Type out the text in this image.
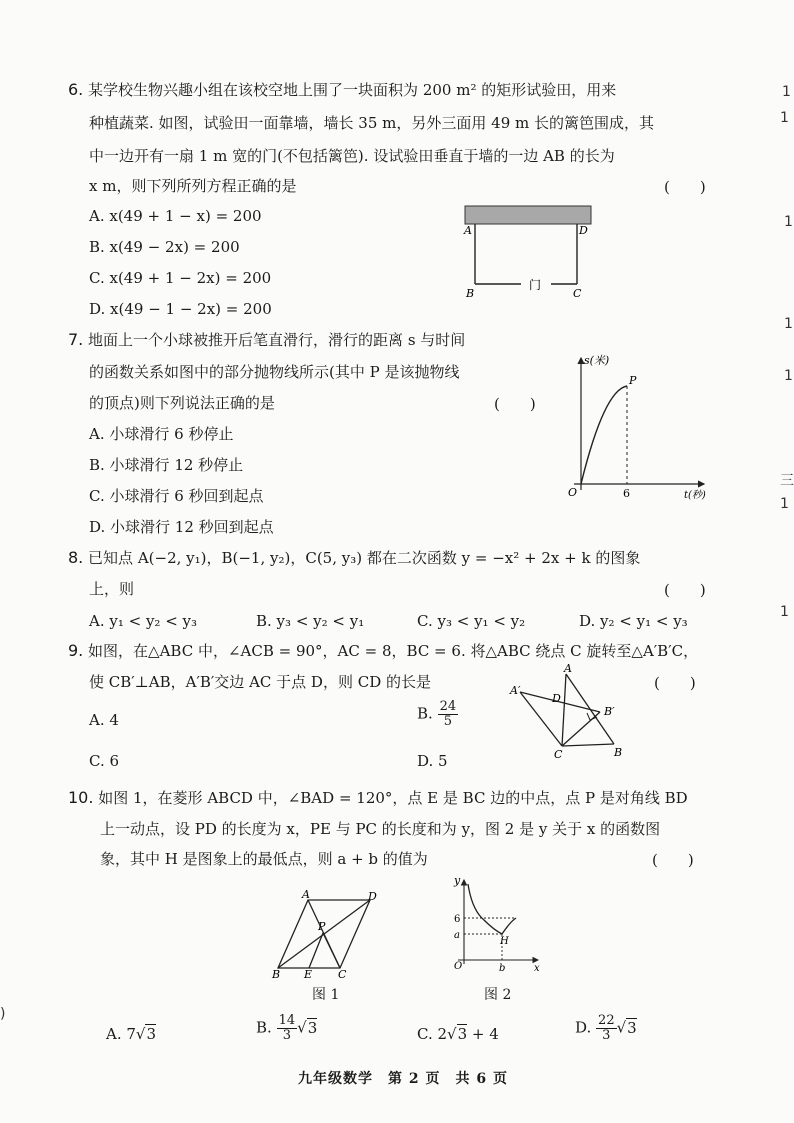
1
1
1
1
1
三
1
1
)
6. 某学校生物兴趣小组在该校空地上围了一块面积为 200 m² 的矩形试验田，用来
种植蔬菜. 如图，试验田一面靠墙，墙长 35 m，另外三面用 49 m 长的篱笆围成，其
中一边开有一扇 1 m 宽的门(不包括篱笆). 设试验田垂直于墙的一边 AB 的长为
x m，则下列所列方程正确的是	(　　)
A. x(49 + 1 − x) = 200
B. x(49 − 2x) = 200
C. x(49 + 1 − 2x) = 200
D. x(49 − 1 − 2x) = 200
A	D
B	C
门
7. 地面上一个小球被推开后笔直滑行，滑行的距离 s 与时间
的函数关系如图中的部分抛物线所示(其中 P 是该抛物线
的顶点)则下列说法正确的是	(　　)
A. 小球滑行 6 秒停止
B. 小球滑行 12 秒停止
C. 小球滑行 6 秒回到起点
D. 小球滑行 12 秒回到起点
s(米)
t(秒)
P
O	6
8. 已知点 A(−2, y₁)，B(−1, y₂)，C(5, y₃) 都在二次函数 y = −x² + 2x + k 的图象
上，则	(　　)
A. y₁ < y₂ < y₃	B. y₃ < y₂ < y₁	C. y₃ < y₁ < y₂	D. y₂ < y₁ < y₃
9. 如图，在△ABC 中，∠ACB = 90°，AC = 8，BC = 6. 将△ABC 绕点 C 旋转至△A′B′C，
使 CB′⊥AB，A′B′交边 AC 于点 D，则 CD 的长是	(　　)
A. 4	B. $\frac{24}{5}$
C. 6	D. 5
A
A′
D
B′
C	B
10. 如图 1，在菱形 ABCD 中，∠BAD = 120°，点 E 是 BC 边的中点，点 P 是对角线 BD
上一动点，设 PD 的长度为 x，PE 与 PC 的长度和为 y，图 2 是 y 关于 x 的函数图
象，其中 H 是图象上的最低点，则 a + b 的值为	(　　)
A	D
P
B E C
图 1
y
6
a
H
O	b	x
图 2
A. 7√3	B. $\frac{14}{3} √3$	C. 2√3 + 4	D. $\frac{22}{3} √3$
九年级数学　第 2 页　共 6 页
